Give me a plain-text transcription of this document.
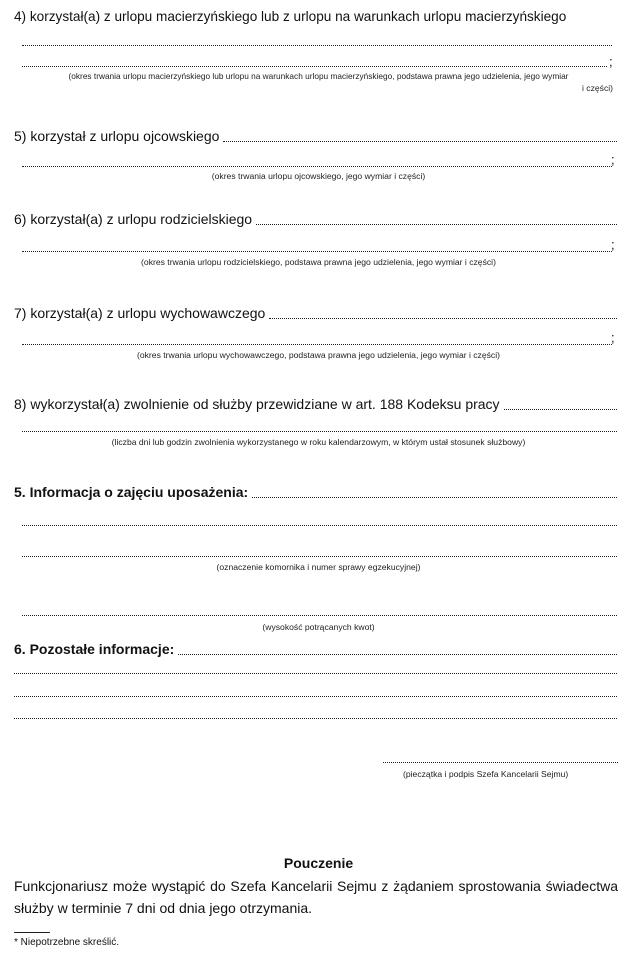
4) korzystał(a) z urlopu macierzyńskiego lub z urlopu na warunkach urlopu macierzyńskiego
;
(okres trwania urlopu macierzyńskiego lub urlopu na warunkach urlopu macierzyńskiego, podstawa prawna jego udzielenia, jego wymiar
i części)
5) korzystał z urlopu ojcowskiego
;
(okres trwania urlopu ojcowskiego, jego wymiar i części)
6) korzystał(a) z urlopu rodzicielskiego
;
(okres trwania urlopu rodzicielskiego, podstawa prawna jego udzielenia, jego wymiar i części)
7) korzystał(a) z urlopu wychowawczego
;
(okres trwania urlopu wychowawczego, podstawa prawna jego udzielenia, jego wymiar i części)
8) wykorzystał(a) zwolnienie od służby przewidziane w art. 188 Kodeksu pracy
(liczba dni lub godzin zwolnienia wykorzystanego w roku kalendarzowym, w którym ustał stosunek służbowy)
5. Informacja o zajęciu uposażenia:
(oznaczenie komornika i numer sprawy egzekucyjnej)
(wysokość potrącanych kwot)
6. Pozostałe informacje:
(pieczątka i podpis Szefa Kancelarii Sejmu)
Pouczenie
Funkcjonariusz może wystąpić do Szefa Kancelarii Sejmu z żądaniem sprostowania świadectwa służby w terminie 7 dni od dnia jego otrzymania.
* Niepotrzebne skreślić.
